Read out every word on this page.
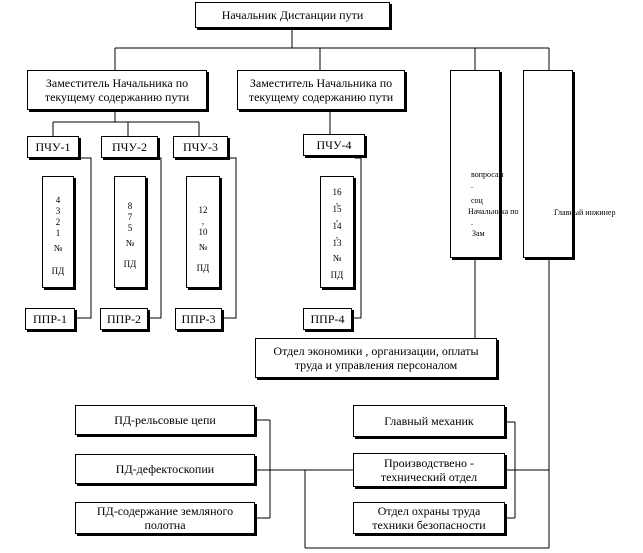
Начальник Дистанции пути
Заместитель Начальника по текущему содержанию пути
Заместитель Начальника по текущему содержанию пути
вопросам
.
соц
Начальника по
.
Зам
Главный инжинер
ПЧУ-1	ПЧУ-2	ПЧУ-3	ПЧУ-4
4
3
2
1
№
ПД
8
7
5
№
ПД
12
,
10
№
ПД
16
,
15
,
14
,
13
№
ПД
ППР-1	ППР-2	ППР-3	ППР-4
Отдел экономики , организации, оплаты труда и управления персоналом
ПД-рельсовые цепи
ПД-дефектоскопии
ПД-содержание земляного полотна
Главный механик
Производствено - технический отдел
Отдел охраны труда техники безопасности
